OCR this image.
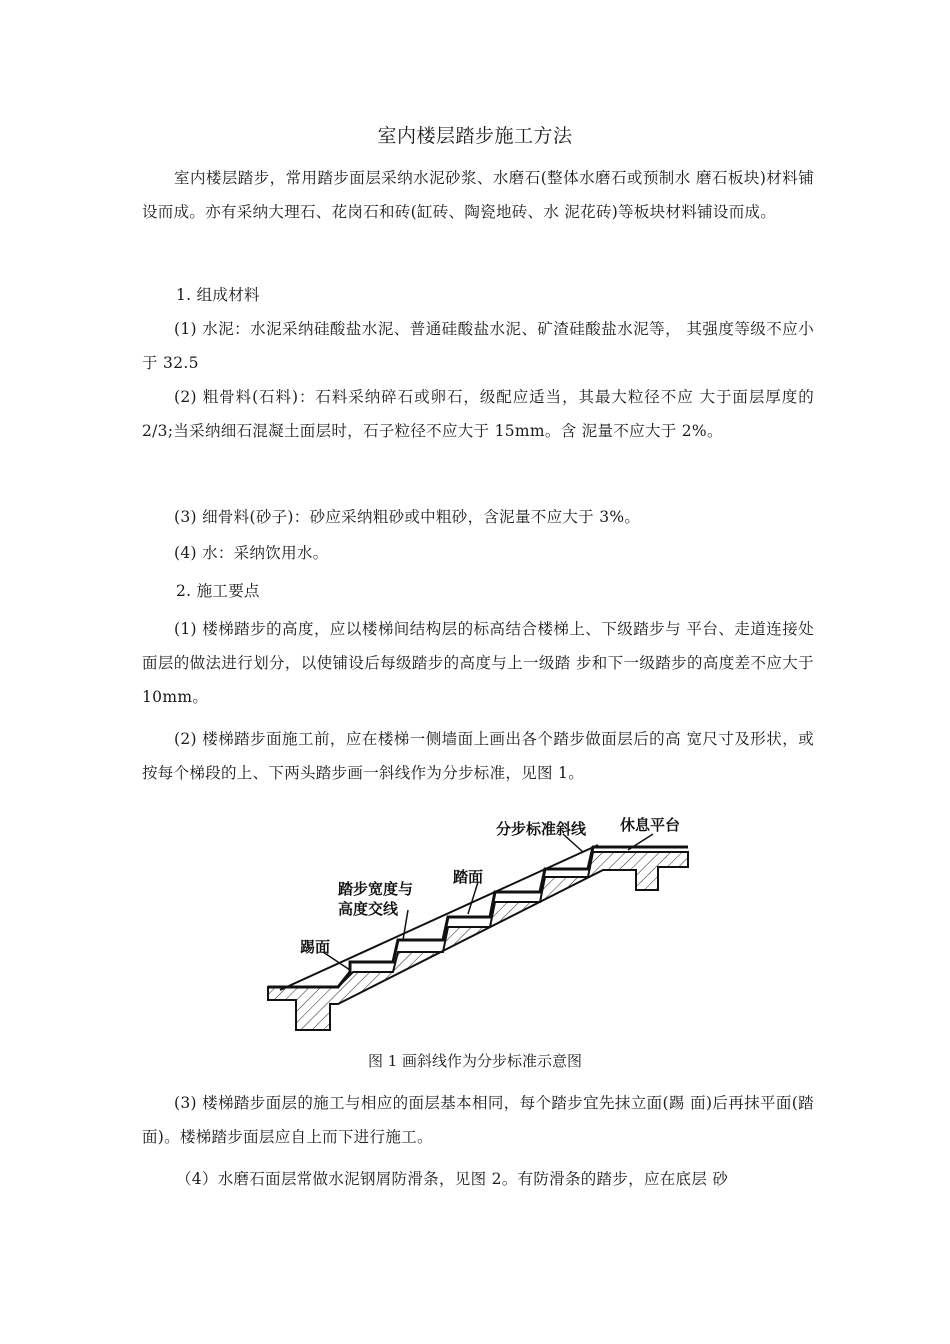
室内楼层踏步施工方法
室内楼层踏步，常用踏步面层采纳水泥砂浆、水磨石(整体水磨石或预制水 磨石板块)材料铺设而成。亦有采纳大理石、花岗石和砖(缸砖、陶瓷地砖、水 泥花砖)等板块材料铺设而成。
1. 组成材料
(1) 水泥：水泥采纳硅酸盐水泥、普通硅酸盐水泥、矿渣硅酸盐水泥等， 其强度等级不应小于 32.5
(2) 粗骨料(石料)：石料采纳碎石或卵石，级配应适当，其最大粒径不应 大于面层厚度的 2/3;当采纳细石混凝土面层时，石子粒径不应大于 15mm。含 泥量不应大于 2%。
(3) 细骨料(砂子)：砂应采纳粗砂或中粗砂，含泥量不应大于 3%。
(4) 水：采纳饮用水。
2. 施工要点
(1) 楼梯踏步的高度，应以楼梯间结构层的标高结合楼梯上、下级踏步与 平台、走道连接处面层的做法进行划分，以使铺设后每级踏步的高度与上一级踏 步和下一级踏步的高度差不应大于 10mm。
(2) 楼梯踏步面施工前，应在楼梯一侧墙面上画出各个踏步做面层后的高 宽尺寸及形状，或按每个梯段的上、下两头踏步画一斜线作为分步标准，见图 1。
分步标准斜线 休息平台
踏面
踏步宽度与
高度交线
踢面
图 1 画斜线作为分步标准示意图
(3) 楼梯踏步面层的施工与相应的面层基本相同，每个踏步宜先抹立面(踢 面)后再抹平面(踏面)。楼梯踏步面层应自上而下进行施工。
（4）水磨石面层常做水泥钢屑防滑条，见图 2。有防滑条的踏步，应在底层 砂
